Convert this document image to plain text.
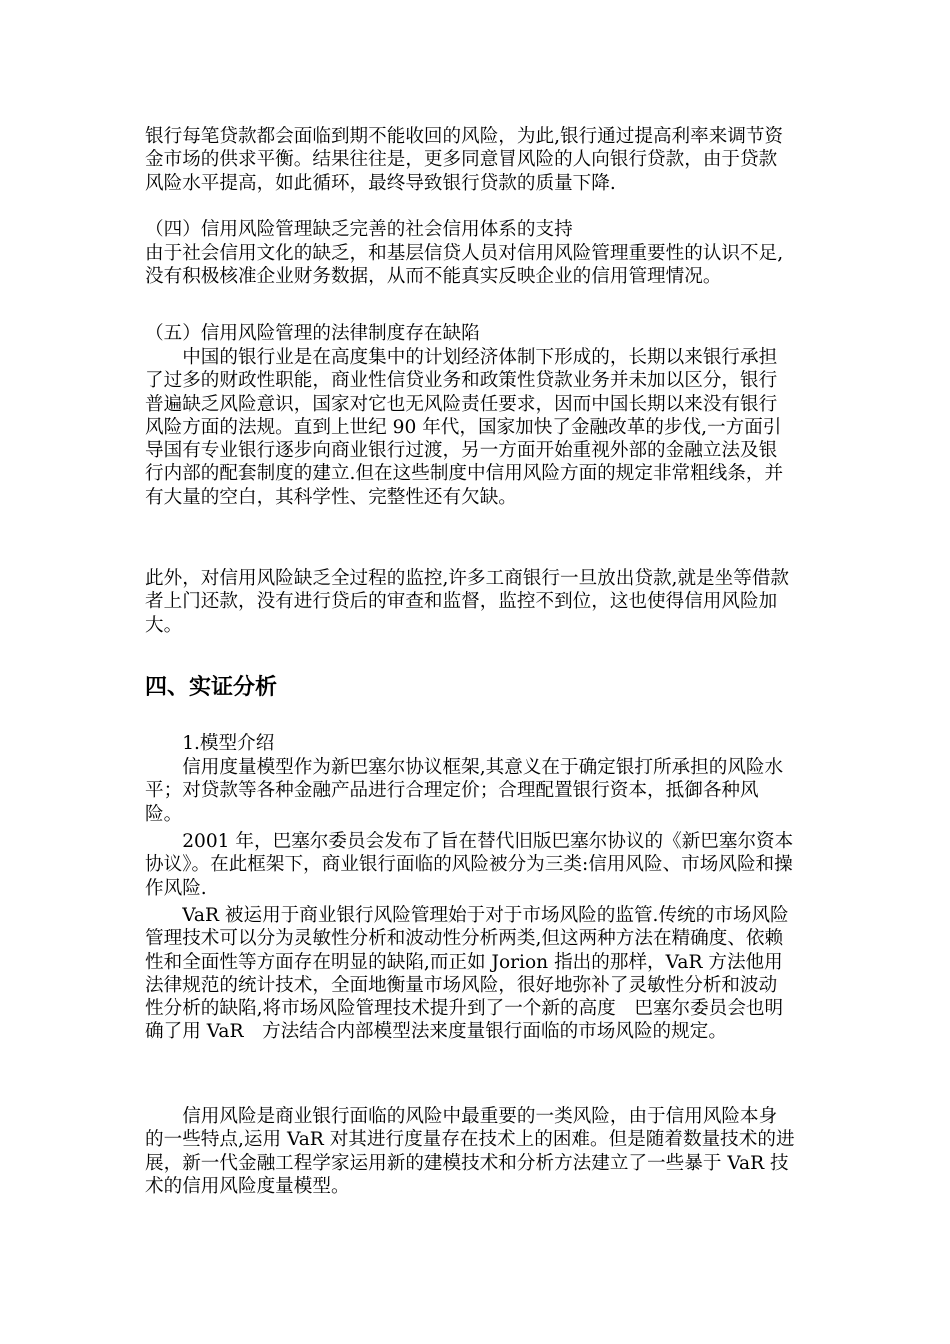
银行每笔贷款都会面临到期不能收回的风险，为此,银行通过提高利率来调节资金市场的供求平衡。结果往往是，更多同意冒风险的人向银行贷款，由于贷款风险水平提高，如此循环，最终导致银行贷款的质量下降.
（四）信用风险管理缺乏完善的社会信用体系的支持
由于社会信用文化的缺乏，和基层信贷人员对信用风险管理重要性的认识不足,没有积极核准企业财务数据，从而不能真实反映企业的信用管理情况。
（五）信用风险管理的法律制度存在缺陷
中国的银行业是在高度集中的计划经济体制下形成的，长期以来银行承担了过多的财政性职能，商业性信贷业务和政策性贷款业务并未加以区分，银行普遍缺乏风险意识，国家对它也无风险责任要求，因而中国长期以来没有银行风险方面的法规。直到上世纪 90 年代，国家加快了金融改革的步伐,一方面引导国有专业银行逐步向商业银行过渡，另一方面开始重视外部的金融立法及银行内部的配套制度的建立.但在这些制度中信用风险方面的规定非常粗线条，并有大量的空白，其科学性、完整性还有欠缺。
此外，对信用风险缺乏全过程的监控,许多工商银行一旦放出贷款,就是坐等借款者上门还款，没有进行贷后的审查和监督，监控不到位，这也使得信用风险加大。
四、实证分析
1.模型介绍
信用度量模型作为新巴塞尔协议框架,其意义在于确定银打所承担的风险水平；对贷款等各种金融产品进行合理定价；合理配置银行资本，抵御各种风险。
2001 年，巴塞尔委员会发布了旨在替代旧版巴塞尔协议的《新巴塞尔资本协议》。在此框架下，商业银行面临的风险被分为三类:信用风险、市场风险和操作风险.
VaR 被运用于商业银行风险管理始于对于市场风险的监管.传统的市场风险管理技术可以分为灵敏性分析和波动性分析两类,但这两种方法在精确度、依赖性和全面性等方面存在明显的缺陷,而正如 Jorion 指出的那样，VaR 方法他用法律规范的统计技术，全面地衡量市场风险，很好地弥补了灵敏性分析和波动性分析的缺陷,将市场风险管理技术提升到了一个新的高度　巴塞尔委员会也明确了用 VaR　方法结合内部模型法来度量银行面临的市场风险的规定。
信用风险是商业银行面临的风险中最重要的一类风险，由于信用风险本身的一些特点,运用 VaR 对其进行度量存在技术上的困难。但是随着数量技术的进展，新一代金融工程学家运用新的建模技术和分析方法建立了一些暴于 VaR 技术的信用风险度量模型。
